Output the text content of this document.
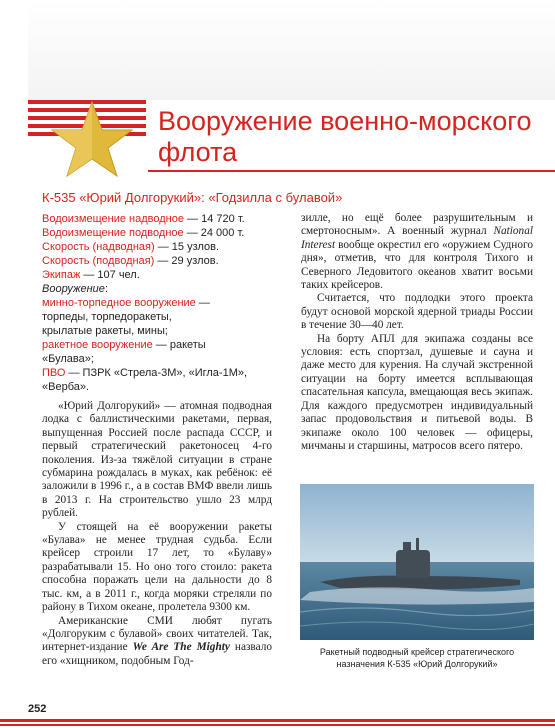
Вооружение военно-морского флота
К-535 «Юрий Долгорукий»: «Годзилла с булавой»
Водоизмещение надводное — 14 720 т.
Водоизмещение подводное — 24 000 т.
Скорость (надводная) — 15 узлов.
Скорость (подводная) — 29 узлов.
Экипаж — 107 чел.
Вооружение:
минно-торпедное вооружение —
торпеды, торпедоракеты,
крылатые ракеты, мины;
ракетное вооружение — ракеты
«Булава»;
ПВО — ПЗРК «Стрела-3М», «Игла-1М»,
«Верба».

«Юрий Долгорукий» — атомная подводная лодка с баллистическими ракетами, первая, выпущенная Россией после распада СССР, и первый стратегический ракетоносец 4-го поколения. Из-за тяжёлой ситуации в стране субмарина рождалась в муках, как ребёнок: её заложили в 1996 г., а в состав ВМФ ввели лишь в 2013 г. На строительство ушло 23 млрд рублей.

У стоящей на её вооружении ракеты «Булава» не менее трудная судьба. Если крейсер строили 17 лет, то «Булаву» разрабатывали 15. Но оно того стоило: ракета способна поражать цели на дальности до 8 тыс. км, а в 2011 г., когда моряки стреляли по району в Тихом океане, пролетела 9300 км.

Американские СМИ любят пугать «Долгоруким с булавой» своих читателей. Так, интернет-издание We Are The Mighty назвало его «хищником, подобным Год-

зилле, но ещё более разрушительным и смертоносным». А военный журнал National Interest вообще окрестил его «оружием Судного дня», отметив, что для контроля Тихого и Северного Ледовитого океанов хватит восьми таких крейсеров.

Считается, что подлодки этого проекта будут основой морской ядерной триады России в течение 30—40 лет.

На борту АПЛ для экипажа созданы все условия: есть спортзал, душевые и сауна и даже место для курения. На случай экстренной ситуации на борту имеется всплывающая спасательная капсула, вмещающая весь экипаж. Для каждого предусмотрен индивидуальный запас продовольствия и питьевой воды. В экипаже около 100 человек — офицеры, мичманы и старшины, матросов всего пятеро.

Ракетный подводный крейсер стратегического назначения К-535 «Юрий Долгорукий»
252
